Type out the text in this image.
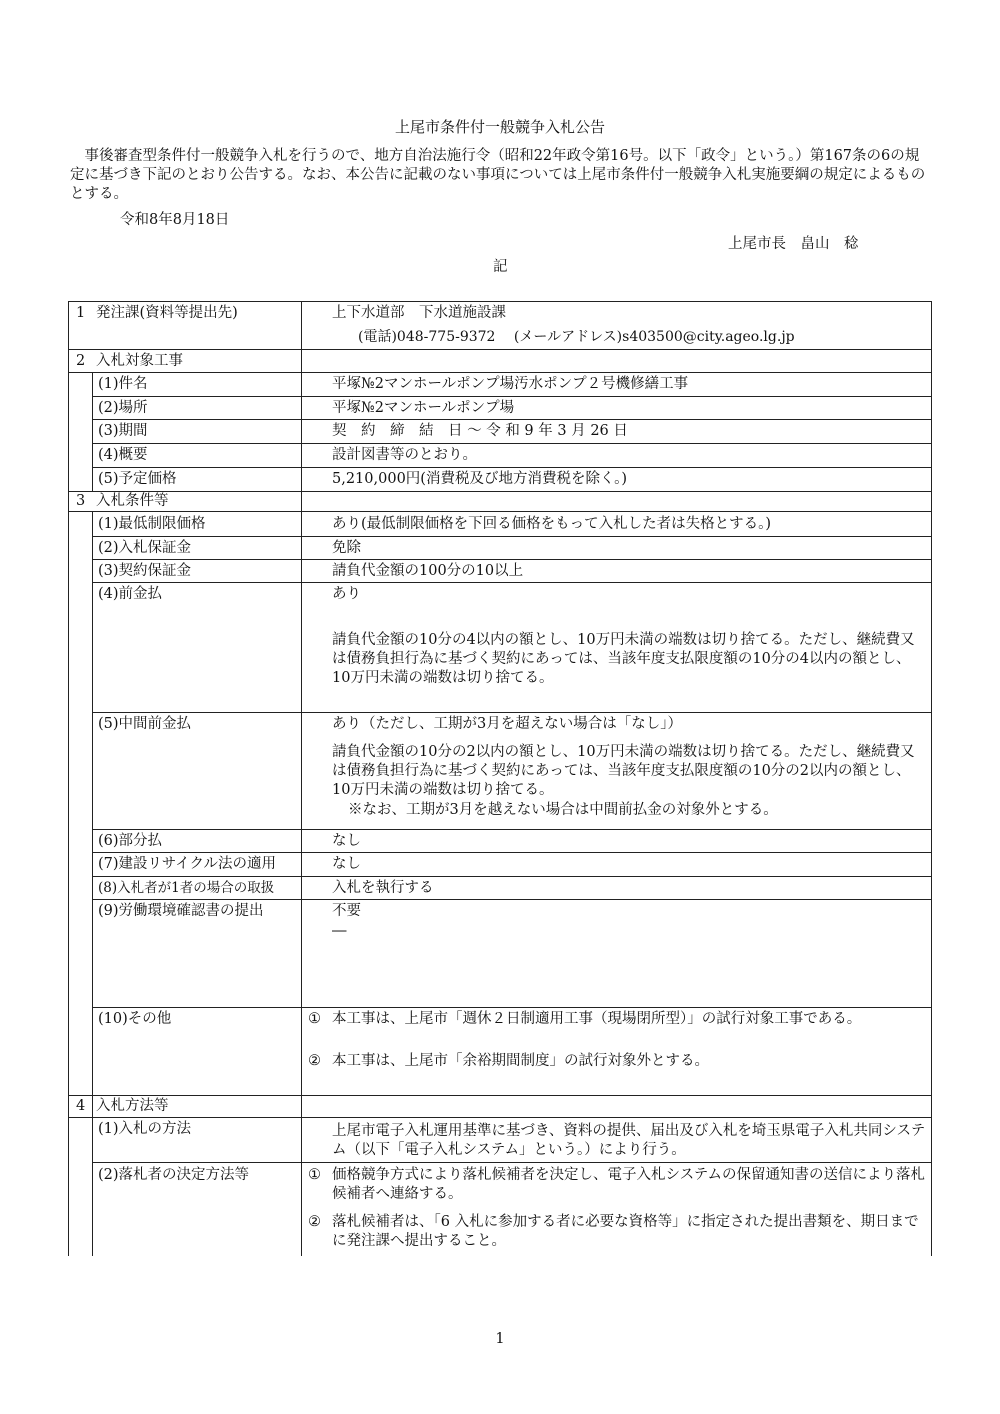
上尾市条件付一般競争入札公告
　事後審査型条件付一般競争入札を行うので、地方自治法施行令（昭和22年政令第16号。以下「政令」という。）第167条の6の規定に基づき下記のとおり公告する。なお、本公告に記載のない事項については上尾市条件付一般競争入札実施要綱の規定によるものとする。
令和8年8月18日
上尾市長　畠山　稔
記
1 発注課(資料等提出先)	上下水道部　下水道施設課
(電話)048-775-9372　 (メールアドレス)s403500@city.ageo.lg.jp
2 入札対象工事
(1)件名	平塚№2マンホールポンプ場汚水ポンプ２号機修繕工事
(2)場所	平塚№2マンホールポンプ場
(3)期間	契　約　締　結　日 ～ 令 和 9 年 3 月 26 日
(4)概要	設計図書等のとおり。
(5)予定価格	5,210,000円(消費税及び地方消費税を除く。)
3 入札条件等
(1)最低制限価格	あり(最低制限価格を下回る価格をもって入札した者は失格とする。)
(2)入札保証金	免除
(3)契約保証金	請負代金額の100分の10以上
(4)前金払	あり
請負代金額の10分の4以内の額とし、10万円未満の端数は切り捨てる。ただし、継続費又は債務負担行為に基づく契約にあっては、当該年度支払限度額の10分の4以内の額とし、10万円未満の端数は切り捨てる。
(5)中間前金払	あり（ただし、工期が3月を超えない場合は「なし」）
請負代金額の10分の2以内の額とし、10万円未満の端数は切り捨てる。ただし、継続費又は債務負担行為に基づく契約にあっては、当該年度支払限度額の10分の2以内の額とし、10万円未満の端数は切り捨てる。
※なお、工期が3月を越えない場合は中間前払金の対象外とする。
(6)部分払	なし
(7)建設リサイクル法の適用	なし
(8)入札者が1者の場合の取扱	入札を執行する
(9)労働環境確認書の提出	不要
―
(10)その他	① 本工事は、上尾市「週休２日制適用工事（現場閉所型）」の試行対象工事である。
② 本工事は、上尾市「余裕期間制度」の試行対象外とする。
4 入札方法等
(1)入札の方法	上尾市電子入札運用基準に基づき、資料の提供、届出及び入札を埼玉県電子入札共同システム（以下「電子入札システム」という。）により行う。
(2)落札者の決定方法等	① 価格競争方式により落札候補者を決定し、電子入札システムの保留通知書の送信により落札候補者へ連絡する。
② 落札候補者は、「6 入札に参加する者に必要な資格等」に指定された提出書類を、期日までに発注課へ提出すること。
1
